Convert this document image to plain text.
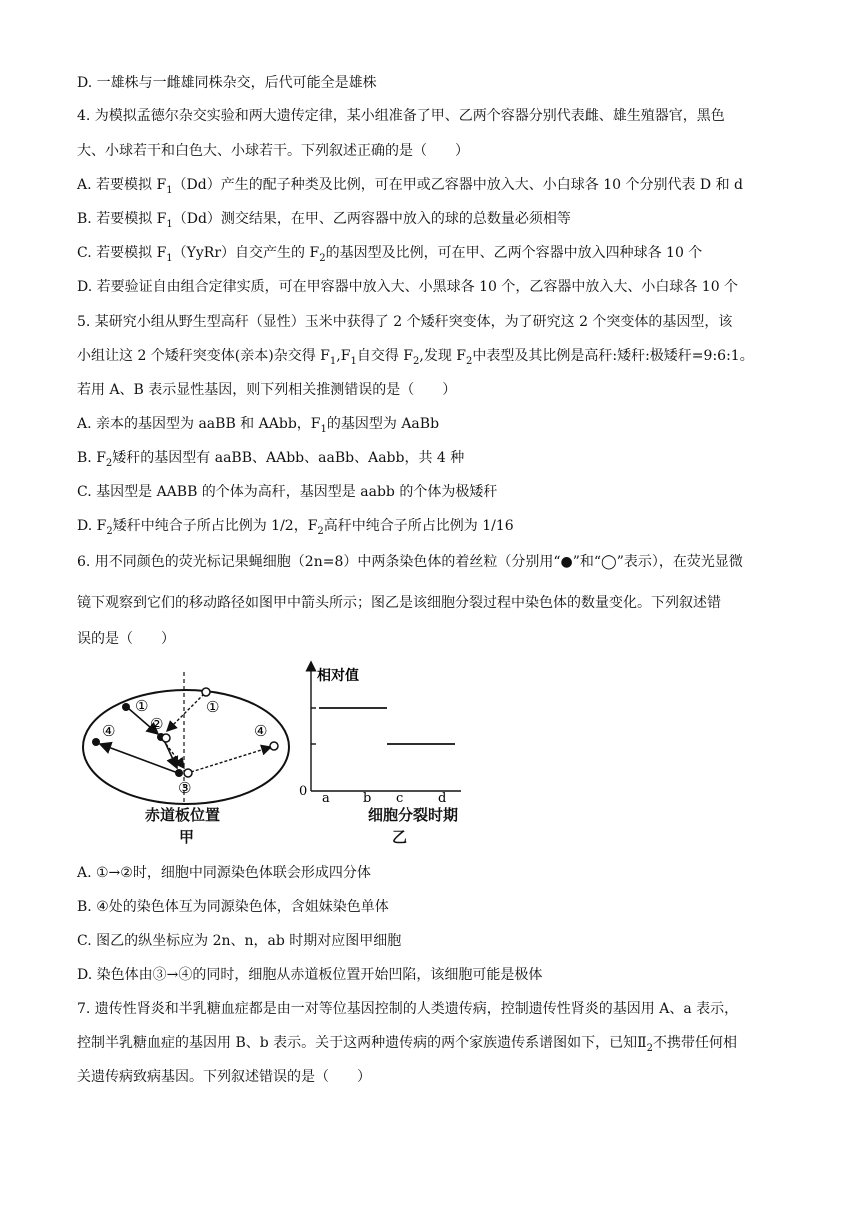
D. 一雄株与一雌雄同株杂交，后代可能全是雄株
4. 为模拟孟德尔杂交实验和两大遗传定律，某小组准备了甲、乙两个容器分别代表雌、雄生殖器官，黑色
大、小球若干和白色大、小球若干。下列叙述正确的是（　　）
A. 若要模拟 $F_1(Dd)$产生的配子种类及比例，可在甲或乙容器中放入大、小白球各 10 个分别代表 D 和 d
B. 若要模拟 $F_1(Dd)$测交结果，在甲、乙两容器中放入的球的总数量必须相等
C. 若要模拟 $F_1(YyRr)$自交产生的 $F_2$的基因型及比例，可在甲、乙两个容器中放入四种球各 10 个
D. 若要验证自由组合定律实质，可在甲容器中放入大、小黑球各 10 个，乙容器中放入大、小白球各 10 个
5. 某研究小组从野生型高秆（显性）玉米中获得了 2 个矮秆突变体，为了研究这 2 个突变体的基因型，该
小组让这 2 个矮秆突变体(亲本)杂交得 $F_1,F_1$自交得 $F_2$,发现 $F_2$中表型及其比例是高秆:矮秆:极矮秆=9:6:1。
若用 A、B 表示显性基因，则下列相关推测错误的是（　　）
A. 亲本的基因型为 aaBB 和 AAbb，$F_1$的基因型为 AaBb
B. $F_2$矮秆的基因型有 aaBB、AAbb、aaBb、Aabb，共 4 种
C. 基因型是 AABB 的个体为高秆，基因型是 aabb 的个体为极矮秆
D. $F_2$矮秆中纯合子所占比例为 1/2，$F_2$高秆中纯合子所占比例为 1/16
6. 用不同颜色的荧光标记果蝇细胞（2n=8）中两条染色体的着丝粒（分别用“●”和“◯”表示），在荧光显微
镜下观察到它们的移动路径如图甲中箭头所示；图乙是该细胞分裂过程中染色体的数量变化。下列叙述错
误的是（　　）
①	①
②
③
④	④
赤道板位置
甲
相对值
0 a	b c	d
细胞分裂时期
乙
A. ①→②时，细胞中同源染色体联会形成四分体
B. ④处的染色体互为同源染色体，含姐妹染色单体
C. 图乙的纵坐标应为 2n、n，ab 时期对应图甲细胞
D. 染色体由③→④的同时，细胞从赤道板位置开始凹陷，该细胞可能是极体
7. 遗传性肾炎和半乳糖血症都是由一对等位基因控制的人类遗传病，控制遗传性肾炎的基因用 A、a 表示，
控制半乳糖血症的基因用 B、b 表示。关于这两种遗传病的两个家族遗传系谱图如下，已知$Ⅱ_2$不携带任何相
关遗传病致病基因。下列叙述错误的是（　　）
